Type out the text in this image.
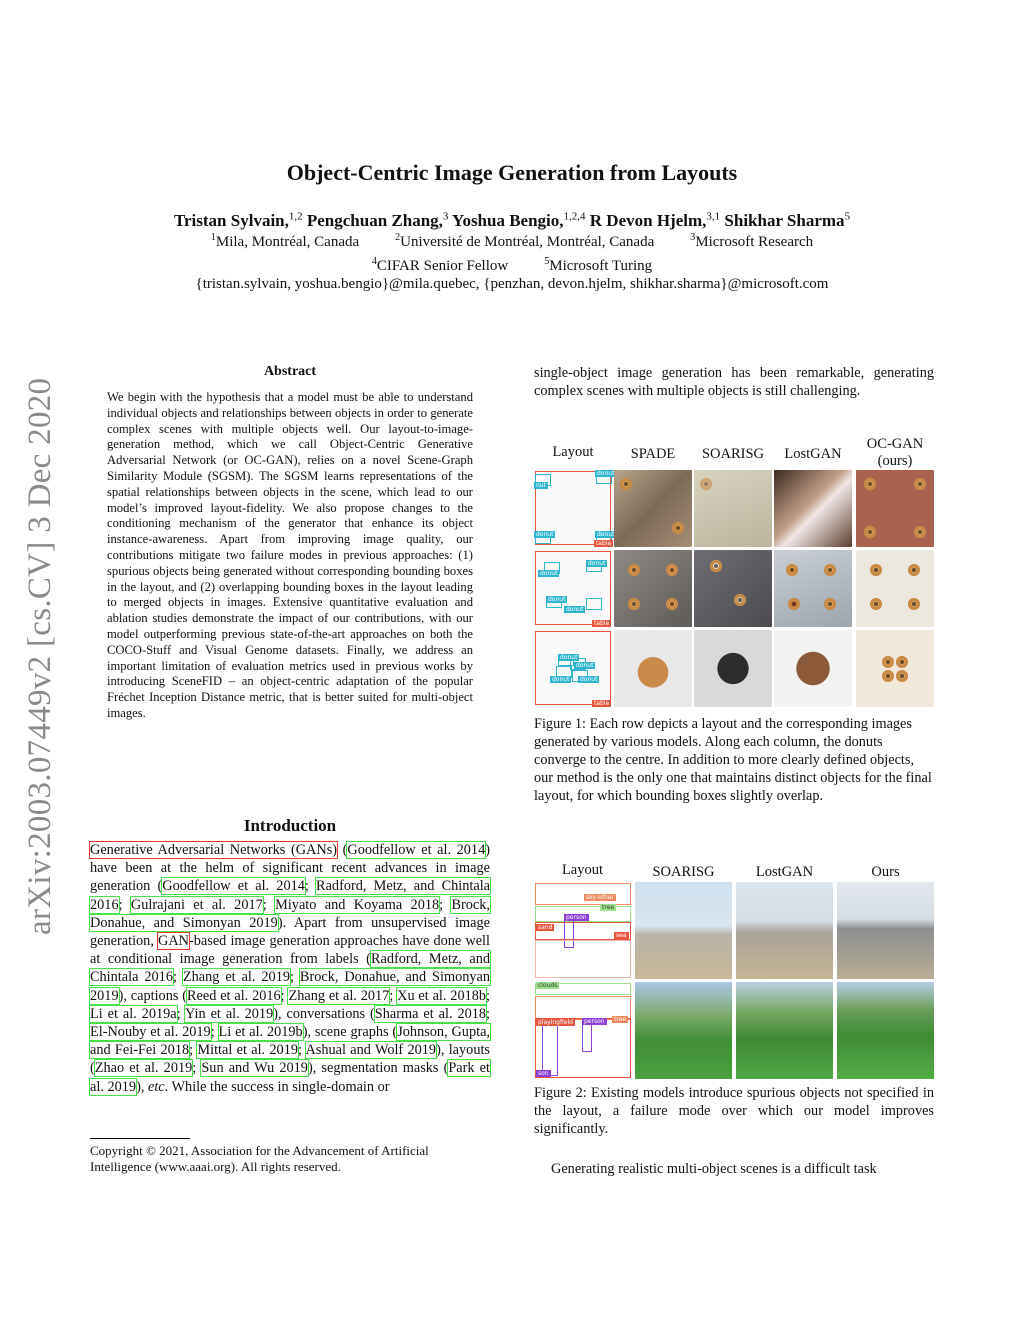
arXiv:2003.07449v2 [cs.CV] 3 Dec 2020
Object-Centric Image Generation from Layouts
Tristan Sylvain,$^{1,2}$ Pengchuan Zhang,$^3$ Yoshua Bengio,$^{1,2,4}$ R Devon Hjelm,$^{3,1}$ Shikhar Sharma$^5$
$^1$Mila, Montréal, Canada	$^2$Université de Montréal, Montréal, Canada	$^3$Microsoft Research
$^4$CIFAR Senior Fellow	$^5$Microsoft Turing
{tristan.sylvain, yoshua.bengio}@mila.quebec, {penzhan, devon.hjelm, shikhar.sharma}@microsoft.com
Abstract
We begin with the hypothesis that a model must be able to understand individual objects and relationships between objects in order to generate complex scenes with multiple objects well. Our layout-to-image-generation method, which we call Object-Centric Generative Adversarial Network (or OC-GAN), relies on a novel Scene-Graph Similarity Module (SGSM). The SGSM learns representations of the spatial relationships between objects in the scene, which lead to our model’s improved layout-fidelity. We also propose changes to the conditioning mechanism of the generator that enhance its object instance-awareness. Apart from improving image quality, our contributions mitigate two failure modes in previous approaches: (1) spurious objects being generated without corresponding bounding boxes in the layout, and (2) overlapping bounding boxes in the layout leading to merged objects in images. Extensive quantitative evaluation and ablation studies demonstrate the impact of our contributions, with our model outperforming previous state-of-the-art approaches on both the COCO-Stuff and Visual Genome datasets. Finally, we address an important limitation of evaluation metrics used in previous works by introducing SceneFID – an object-centric adaptation of the popular Fréchet Inception Distance metric, that is better suited for multi-object images.
Introduction
Generative Adversarial Networks (GANs) (Goodfellow et al. 2014) have been at the helm of significant recent advances in image generation (Goodfellow et al. 2014; Radford, Metz, and Chintala 2016; Gulrajani et al. 2017; Miyato and Koyama 2018; Brock, Donahue, and Simonyan 2019). Apart from unsupervised image generation, GAN-based image generation approaches have done well at conditional image generation from labels (Radford, Metz, and Chintala 2016; Zhang et al. 2019; Brock, Donahue, and Simonyan 2019), captions (Reed et al. 2016; Zhang et al. 2017; Xu et al. 2018b; Li et al. 2019a; Yin et al. 2019), conversations (Sharma et al. 2018; El-Nouby et al. 2019; Li et al. 2019b), scene graphs (Johnson, Gupta, and Fei-Fei 2018; Mittal et al. 2019; Ashual and Wolf 2019), layouts (Zhao et al. 2019; Sun and Wu 2019), segmentation masks (Park et al. 2019), etc. While the success in single-domain or
Copyright © 2021, Association for the Advancement of Artificial Intelligence (www.aaai.org). All rights reserved.
single-object image generation has been remarkable, generating complex scenes with multiple objects is still challenging.
Layout	SPADE	SOARISG	LostGAN
OC-GAN (ours)
nut
donut
donut	donut
table
donut
donut
donut
donut
table
donut
donut
donut	donut
table
Figure 1: Each row depicts a layout and the corresponding images generated by various models. Along each column, the donuts converge to the centre. In addition to more clearly defined objects, our method is the only one that maintains distinct objects for the final layout, for which bounding boxes slightly overlap.
Layout	SOARISG	LostGAN	Ours
sky-other
tree
person
sand
sea
clouds
playingfield	person	tree
son
Figure 2: Existing models introduce spurious objects not specified in the layout, a failure mode over which our model improves significantly.
Generating realistic multi-object scenes is a difficult task
